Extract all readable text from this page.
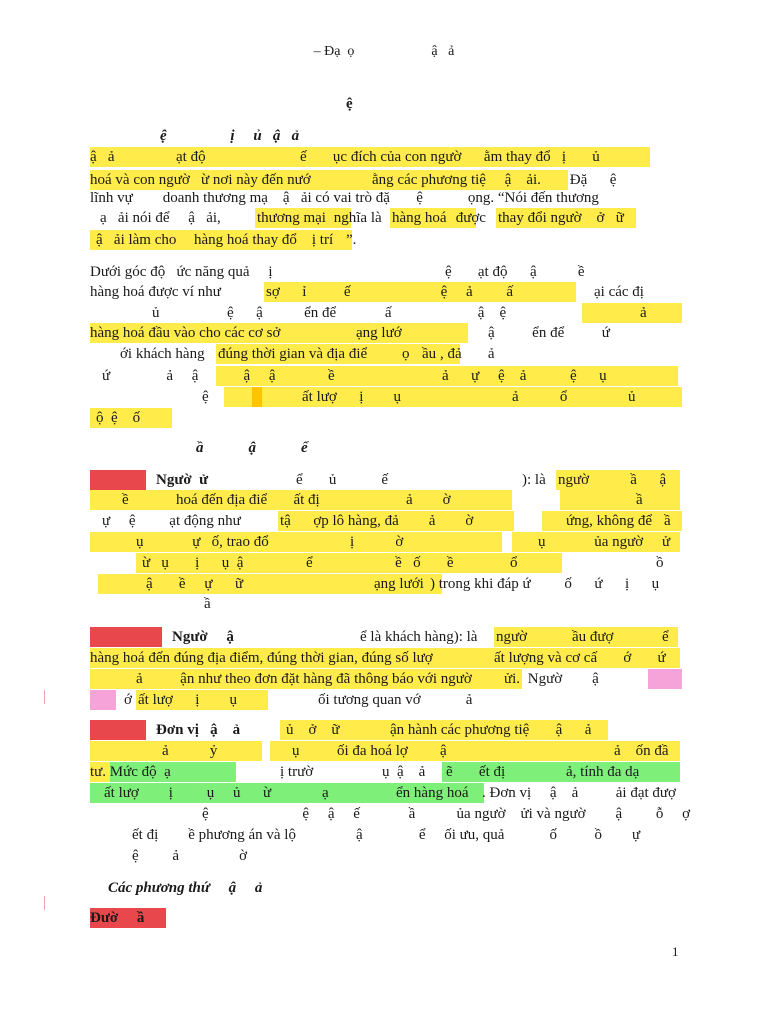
– Đạ  ọ                      ậ   ả
ệ
ệ                 ị     ủ   ậ   ả
ậ   ả	ạt độ	ế       ục đích của con ngườ      ằm thay đổ   ị       ủ
hoá và con ngườ   ừ nơi này đến nướ	ằng các phương tiệ     ậ    ải. Đặ      ệ
lĩnh vự        doanh thương mạ    ậ   ải có vai trò đặ       ệ            ọng. “Nói đến thương
ạ   ải nói để     ậ   ải, thương mại nghĩa là hàng hoá được thay đổi ngườ    ở   ữ
ậ   ải làm cho hàng hoá thay đổ    ị trí ”.
Dưới góc độ   ức năng quả     ị                                              ệ       ạt độ      ậ           ề
hàng hoá được ví như	sợ      ỉ          ế                        ệ     ả         ấ	ại các đị
ủ                  ệ      ậ           ển để             ấ                       ậ    ệ	ả
hàng hoá đầu vào cho các cơ sở	ạng lướ	ậ          ển để          ứ
ới khách hàng đúng thời gian và địa điể ọ ầu , đả       ả
ứ               ả     ậ            ậ     ậ              ề	ả      ự     ệ    ả	ệ      ụ
ệ	ất lượ      ị        ụ	ả           ổ	ủ
ộ  ệ    ố
ầ            ậ            ể
Ngườ  ử	ể       ủ            ế	): là ngườ           ầ      ậ
ề	hoá đến địa điể       ất đị                       ả        ờ	ầ
ự     ệ         ạt động như tậ      ợp lô hàng, đả        ả        ờ	ứng, không để ầ
ụ             ự   ố, trao đổ	ị           ờ	ụ             ủa ngườ     ử
ừ   ụ       ị      ụ  ậ	ể                      ề   ố       ề	ổ	ồ
ậ       ề     ự      ữ	ạng lưới ) trong khi đáp ứ         ố      ứ      ị      ụ
ầ
Ngườ     ậ	ể là khách hàng): là ngườ	ầu đượ	ể
hàng hoá đến đúng địa điểm, đúng thời gian, đúng số lượ	ất lượng và cơ cấ       ớ       ứ
ả          ận như theo đơn đặt hàng đã thông báo với ngườ ửi. Ngườ        ậ
ớ ất lượ      ị        ụ	ối tương quan vớ            ả
Đơn vị   ậ    ả	ủ    ở    ữ	ận hành các phương tiệ       ậ      ả
ả           ỷ	ụ          ối đa hoá lợ ậ	ả    ốn đầ
tư. Mức độ  ạ	ị trườ	ụ  ậ    ả ẽ       ết đị	ả, tính đa dạ
ất lượ        ị         ụ     ủ      ừ	ạ	ển hàng hoá . Đơn vị     ậ    ả          ải đạt đượ
ệ                         ệ     ậ     ế             ầ           ủa ngườ    ửi và ngườ        ậ         ỗ     ợ
ết đị        ề phương án và lộ                ậ               ể     ối ưu, quả            ố          ồ        ự
ệ         ả                ờ
Các phương thứ     ậ     ả
Đườ     ầ
1
